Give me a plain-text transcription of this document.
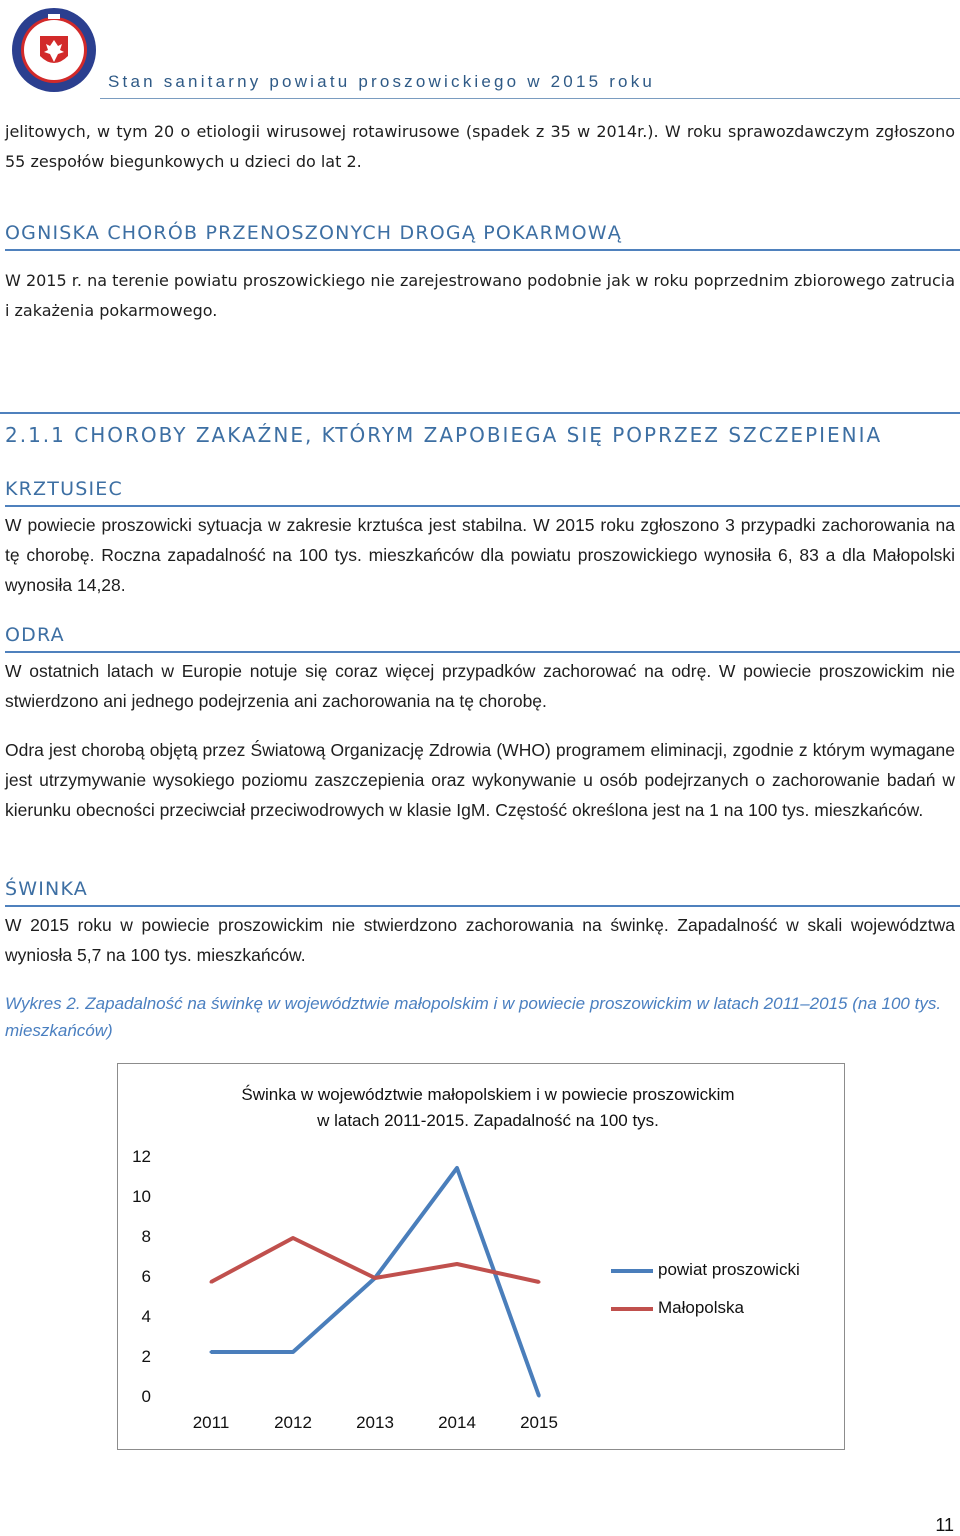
Stan sanitarny powiatu proszowickiego w 2015 roku

jelitowych, w tym 20 o etiologii wirusowej rotawirusowe (spadek z 35 w 2014r.). W roku sprawozdawczym zgłoszono 55 zespołów biegunkowych u dzieci do lat 2.

OGNISKA CHORÓB PRZENOSZONYCH DROGĄ POKARMOWĄ

W 2015 r. na terenie powiatu proszowickiego nie zarejestrowano podobnie jak w roku poprzednim zbiorowego zatrucia i zakażenia pokarmowego.

2.1.1 CHOROBY ZAKAŹNE, KTÓRYM ZAPOBIEGA SIĘ POPRZEZ SZCZEPIENIA
KRZTUSIEC

W powiecie proszowicki sytuacja w zakresie krztuśca jest stabilna. W 2015 roku zgłoszono 3 przypadki zachorowania na tę chorobę. Roczna zapadalność na 100 tys. mieszkańców dla powiatu proszowickiego wynosiła 6, 83 a dla Małopolski wynosiła 14,28.

ODRA

W ostatnich latach w Europie notuje się coraz więcej przypadków zachorować na odrę. W powiecie proszowickim nie stwierdzono ani jednego podejrzenia ani zachorowania na tę chorobę.

Odra jest chorobą objętą przez Światową Organizację Zdrowia (WHO) programem eliminacji, zgodnie z którym wymagane jest utrzymywanie wysokiego poziomu zaszczepienia oraz wykonywanie u osób podejrzanych o zachorowanie badań w kierunku obecności przeciwciał przeciwodrowych w klasie IgM. Częstość określona jest na 1 na 100 tys. mieszkańców.

ŚWINKA

W 2015 roku w powiecie proszowickim nie stwierdzono zachorowania na świnkę. Zapadalność w skali województwa wyniosła 5,7 na 100 tys. mieszkańców.

Wykres 2. Zapadalność na świnkę w województwie małopolskim i w powiecie proszowickim w latach 2011–2015 (na 100 tys. mieszkańców)
Świnka w województwie małopolskiem i w powiecie proszowickim
w latach 2011-2015. Zapadalność na 100 tys.
0
2
4
6
8
10
12
2011	2012	2013	2014	2015
powiat proszowicki
Małopolska
11
